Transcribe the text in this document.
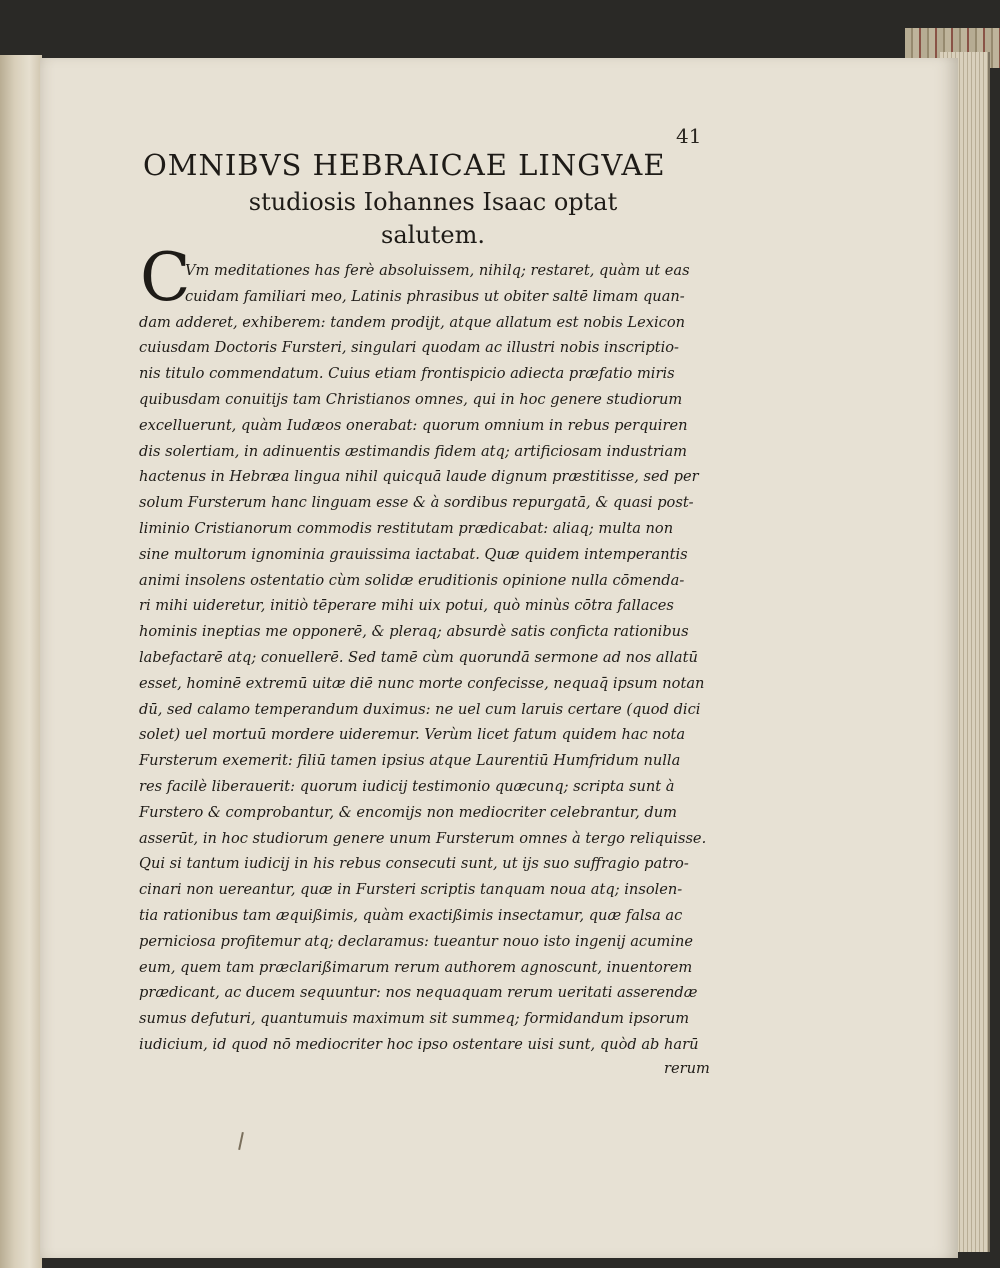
41
OMNIBVS HEBRAICAE LINGVAE
studiosis Iohannes Isaac optat
salutem.
C
Vm meditationes has ferè absoluissem, nihilq; restaret, quàm ut eas
cuidam familiari meo, Latinis phrasibus ut obiter saltē limam quan-
dam adderet, exhiberem: tandem prodijt, atque allatum est nobis Lexicon
cuiusdam Doctoris Fursteri, singulari quodam ac illustri nobis inscriptio-
nis titulo commendatum. Cuius etiam frontispicio adiecta præfatio miris
quibusdam conuitijs tam Christianos omnes, qui in hoc genere studiorum
excelluerunt, quàm Iudæos onerabat: quorum omnium in rebus perquiren
dis solertiam, in adinuentis æstimandis fidem atq; artificiosam industriam
hactenus in Hebræa lingua nihil quicquā laude dignum præstitisse, sed per
solum Fursterum hanc linguam esse & à sordibus repurgatā, & quasi post-
liminio Cristianorum commodis restitutam prædicabat: aliaq; multa non
sine multorum ignominia grauissima iactabat. Quæ quidem intemperantis
animi insolens ostentatio cùm solidæ eruditionis opinione nulla cōmenda-
ri mihi uideretur, initiò tēperare mihi uix potui, quò minùs cōtra fallaces
hominis ineptias me opponerē, & pleraq; absurdè satis conficta rationibus
labefactarē atq; conuellerē. Sed tamē cùm quorundā sermone ad nos allatū
esset, hominē extremū uitæ diē nunc morte confecisse, nequaq̄ ipsum notan
dū, sed calamo temperandum duximus: ne uel cum laruis certare (quod dici
solet) uel mortuū mordere uideremur. Verùm licet fatum quidem hac nota
Fursterum exemerit: filiū tamen ipsius atque Laurentiū Humfridum nulla
res facilè liberauerit: quorum iudicij testimonio quæcunq; scripta sunt à
Furstero & comprobantur, & encomijs non mediocriter celebrantur, dum
asserūt, in hoc studiorum genere unum Fursterum omnes à tergo reliquisse.
Qui si tantum iudicij in his rebus consecuti sunt, ut ijs suo suffragio patro-
cinari non uereantur, quæ in Fursteri scriptis tanquam noua atq; insolen-
tia rationibus tam æquißimis, quàm exactißimis insectamur, quæ falsa ac
perniciosa profitemur atq; declaramus: tueantur nouo isto ingenij acumine
eum, quem tam præclarißimarum rerum authorem agnoscunt, inuentorem
prædicant, ac ducem sequuntur: nos nequaquam rerum ueritati asserendæ
sumus defuturi, quantumuis maximum sit summeq; formidandum ipsorum
iudicium, id quod nō mediocriter hoc ipso ostentare uisi sunt, quòd ab harū
rerum
